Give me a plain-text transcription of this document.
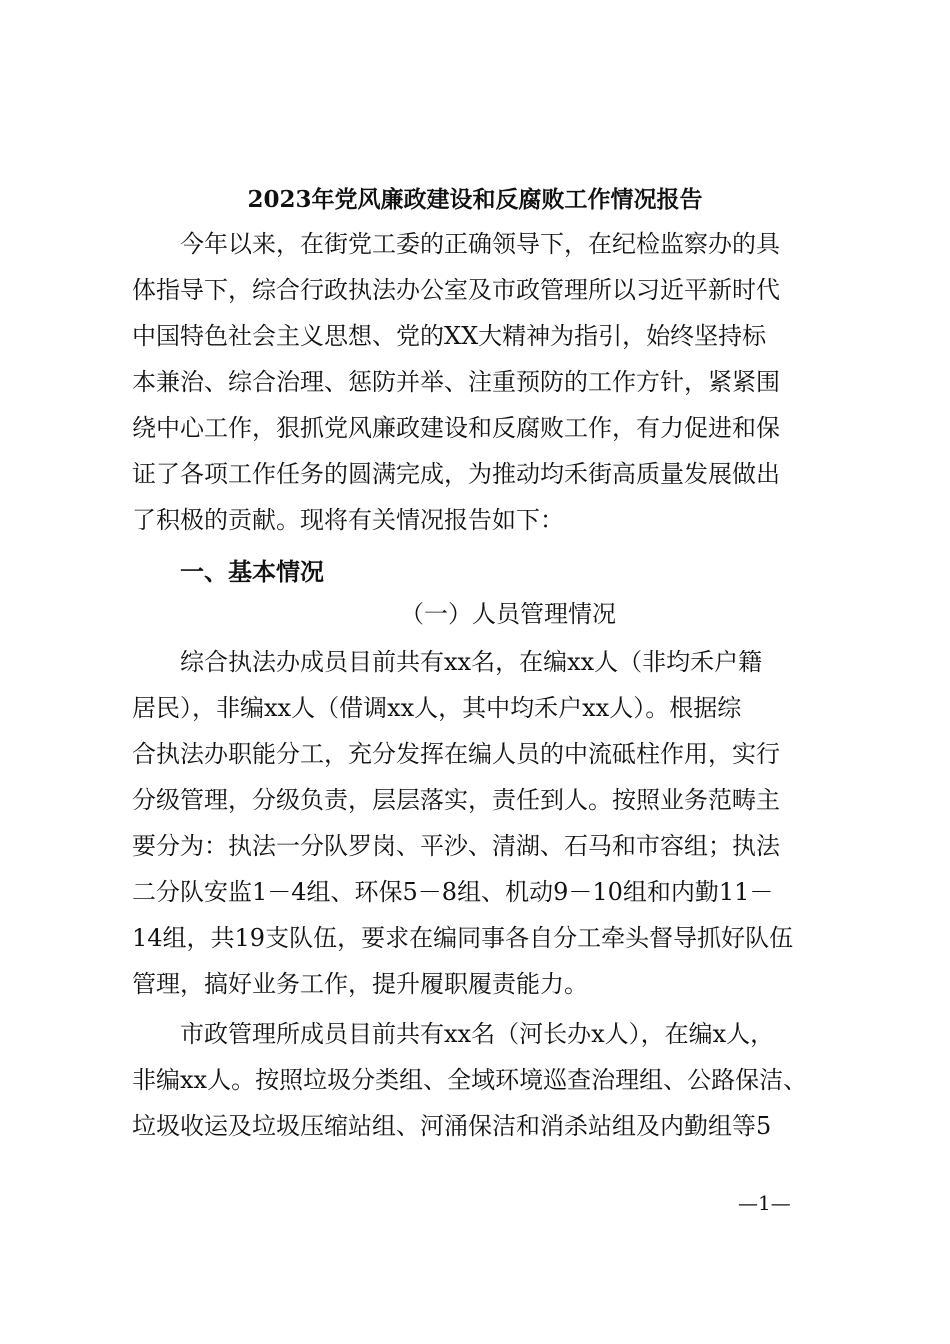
2023年党风廉政建设和反腐败工作情况报告
今年以来，在街党工委的正确领导下，在纪检监察办的具
体指导下，综合行政执法办公室及市政管理所以习近平新时代
中国特色社会主义思想、党的XX大精神为指引，始终坚持标
本兼治、综合治理、惩防并举、注重预防的工作方针，紧紧围
绕中心工作，狠抓党风廉政建设和反腐败工作，有力促进和保
证了各项工作任务的圆满完成，为推动均禾街高质量发展做出
了积极的贡献。现将有关情况报告如下：
一、基本情况
（一）人员管理情况
综合执法办成员目前共有xx名，在编xx人（非均禾户籍
居民），非编xx人（借调xx人，其中均禾户xx人）。根据综
合执法办职能分工，充分发挥在编人员的中流砥柱作用，实行
分级管理，分级负责，层层落实，责任到人。按照业务范畴主
要分为：执法一分队罗岗、平沙、清湖、石马和市容组；执法
二分队安监1－4组、环保5－8组、机动9－10组和内勤11－
14组，共19支队伍，要求在编同事各自分工牵头督导抓好队伍
管理，搞好业务工作，提升履职履责能力。
市政管理所成员目前共有xx名（河长办x人），在编x人，
非编xx人。按照垃圾分类组、全域环境巡查治理组、公路保洁、
垃圾收运及垃圾压缩站组、河涌保洁和消杀站组及内勤组等5
—1—
